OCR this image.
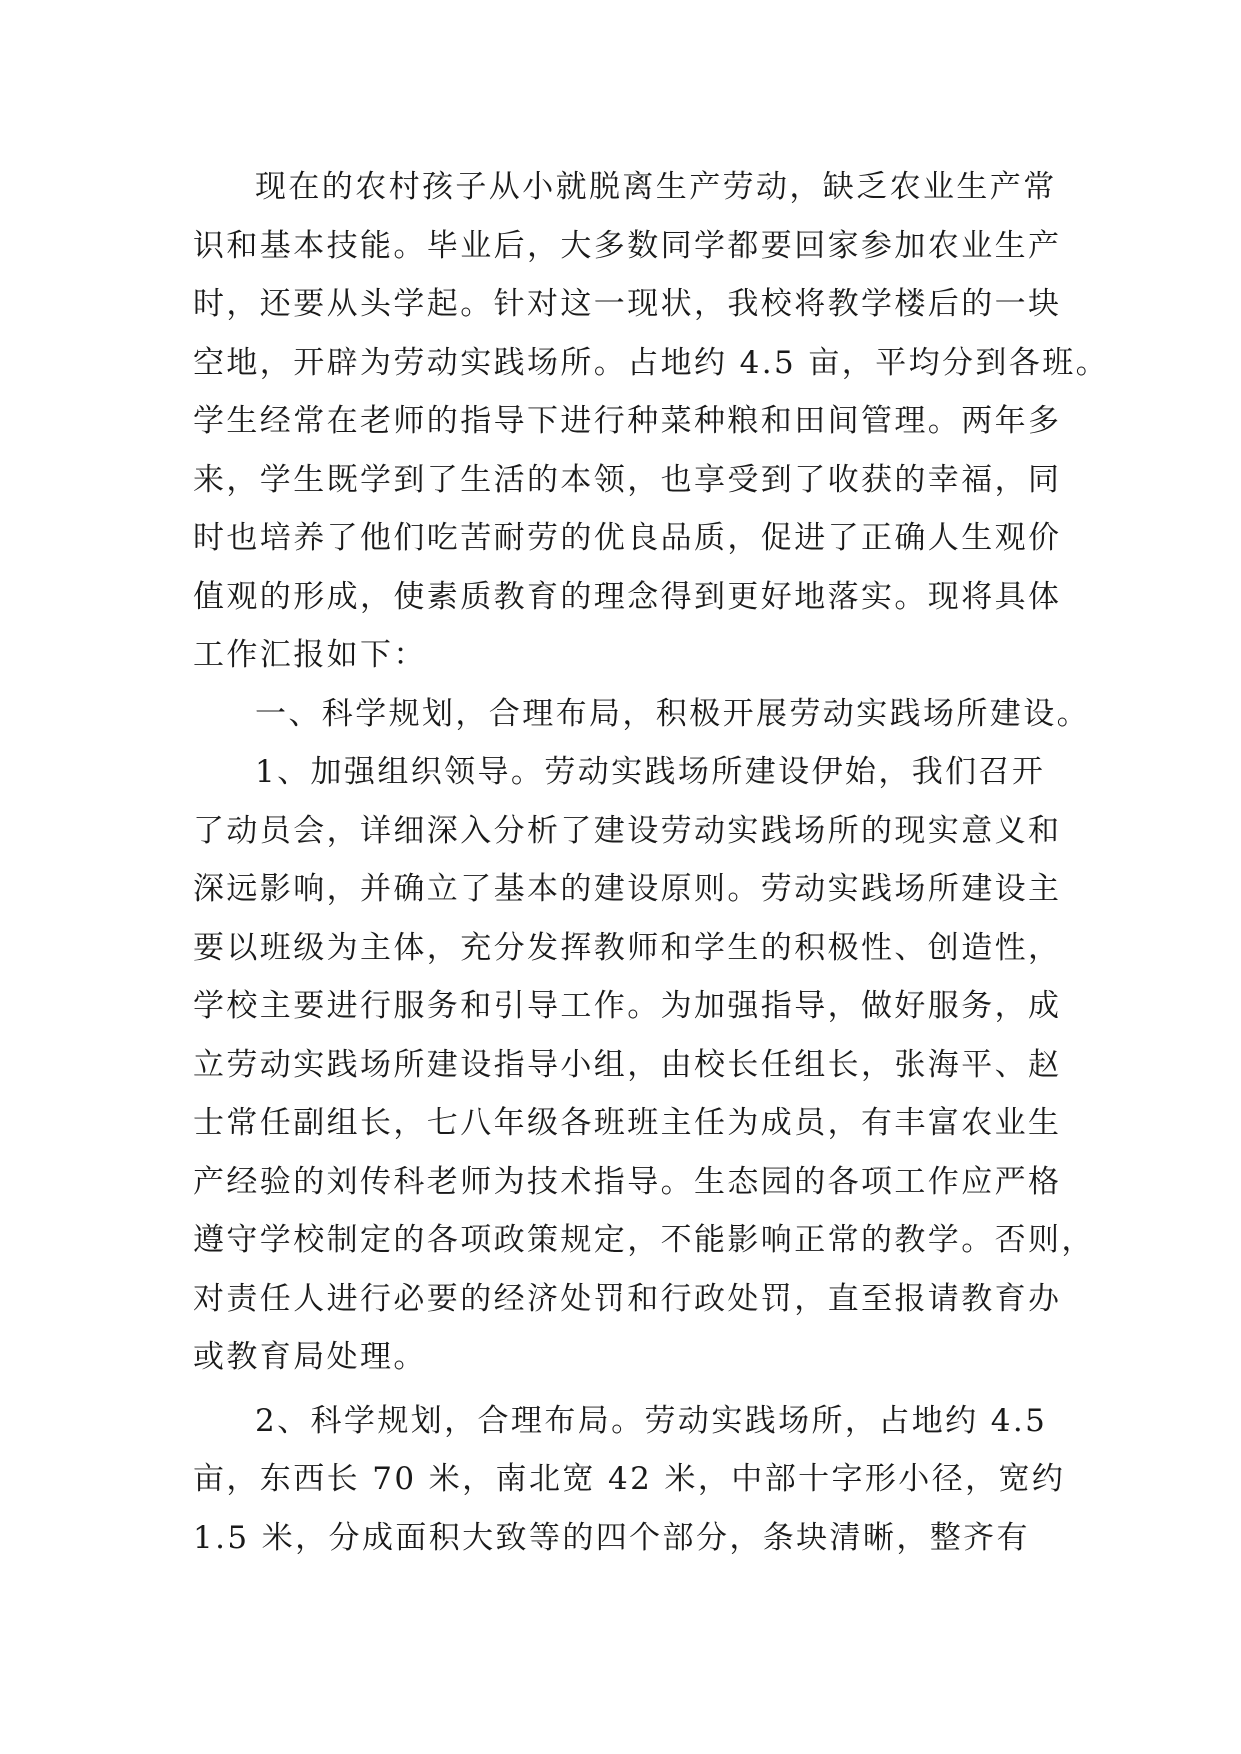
现在的农村孩子从小就脱离生产劳动，缺乏农业生产常
识和基本技能。毕业后，大多数同学都要回家参加农业生产
时，还要从头学起。针对这一现状，我校将教学楼后的一块
空地，开辟为劳动实践场所。占地约 4.5 亩，平均分到各班。
学生经常在老师的指导下进行种菜种粮和田间管理。两年多
来，学生既学到了生活的本领，也享受到了收获的幸福，同
时也培养了他们吃苦耐劳的优良品质，促进了正确人生观价
值观的形成，使素质教育的理念得到更好地落实。现将具体
工作汇报如下：
一、科学规划，合理布局，积极开展劳动实践场所建设。
1、加强组织领导。劳动实践场所建设伊始，我们召开
了动员会，详细深入分析了建设劳动实践场所的现实意义和
深远影响，并确立了基本的建设原则。劳动实践场所建设主
要以班级为主体，充分发挥教师和学生的积极性、创造性，
学校主要进行服务和引导工作。为加强指导，做好服务，成
立劳动实践场所建设指导小组，由校长任组长，张海平、赵
士常任副组长，七八年级各班班主任为成员，有丰富农业生
产经验的刘传科老师为技术指导。生态园的各项工作应严格
遵守学校制定的各项政策规定，不能影响正常的教学。否则，
对责任人进行必要的经济处罚和行政处罚，直至报请教育办
或教育局处理。
2、科学规划，合理布局。劳动实践场所，占地约 4.5
亩，东西长 70 米，南北宽 42 米，中部十字形小径，宽约
1.5 米，分成面积大致等的四个部分，条块清晰，整齐有
